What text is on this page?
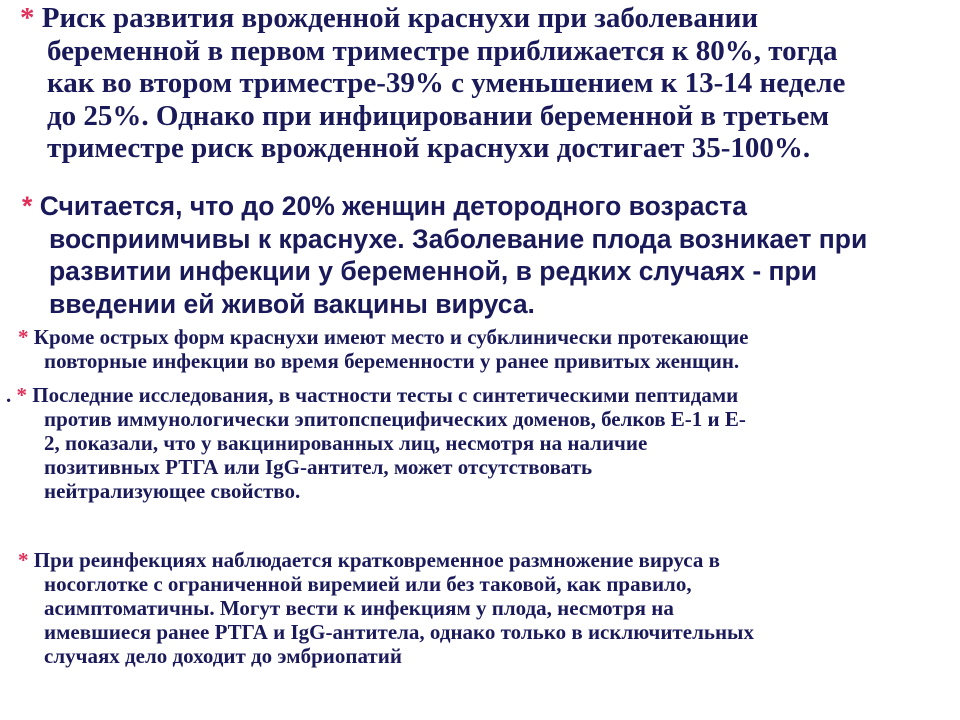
* Риск развития врожденной краснухи при заболевании
беременной в первом триместре приближается к 80%, тогда
как во втором триместре-39% с уменьшением к 13-14 неделе
до 25%. Однако при инфицировании беременной в третьем
триместре риск врожденной краснухи достигает 35-100%.
* Считается, что до 20% женщин детородного возраста
восприимчивы к краснухе. Заболевание плода возникает при
развитии инфекции у беременной, в редких случаях - при
введении ей живой вакцины вируса.
* Кроме острых форм краснухи имеют место и субклинически протекающие
повторные инфекции во время беременности у ранее привитых женщин.
. * Последние исследования, в частности тесты с синтетическими пептидами
против иммунологически эпитопспецифических доменов, белков Е-1 и Е-
2, показали, что у вакцинированных лиц, несмотря на наличие
позитивных РТГА или IgG-антител, может отсутствовать
нейтрализующее свойство.
* При реинфекциях наблюдается кратковременное размножение вируса в
носоглотке с ограниченной виремией или без таковой, как правило,
асимптоматичны. Могут вести к инфекциям у плода, несмотря на
имевшиеся ранее РТГА и IgG-антитела, однако только в исключительных
случаях дело доходит до эмбриопатий
